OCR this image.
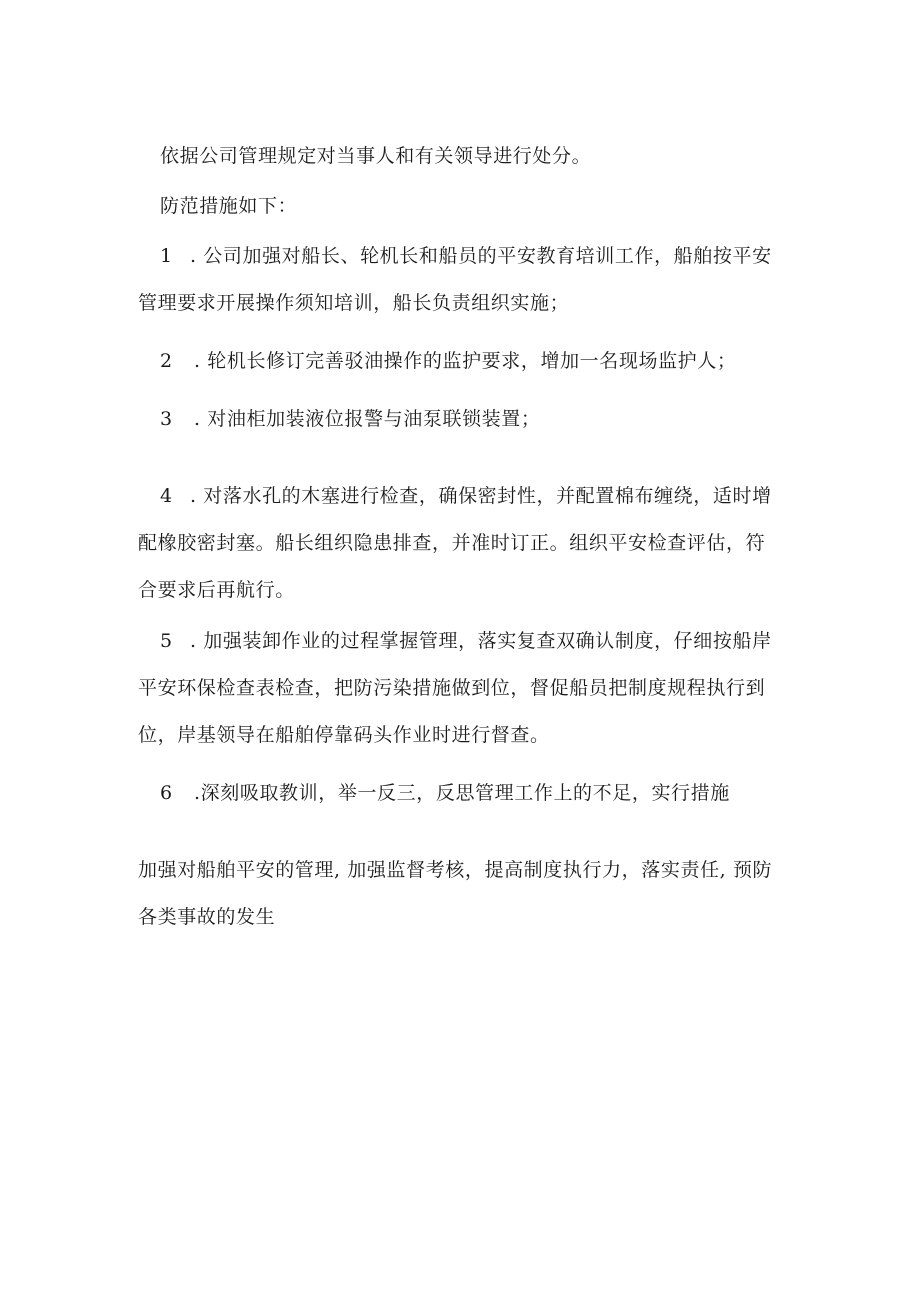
依据公司管理规定对当事人和有关领导进行处分。
防范措施如下：
1 . 公司加强对船长、轮机长和船员的平安教育培训工作，船舶按平安
管理要求开展操作须知培训，船长负责组织实施；
2 . 轮机长修订完善驳油操作的监护要求，增加一名现场监护人；
3 . 对油柜加装液位报警与油泵联锁装置；
4 . 对落水孔的木塞进行检查，确保密封性，并配置棉布缠绕，适时增
配橡胶密封塞。船长组织隐患排查，并准时订正。组织平安检查评估，符
合要求后再航行。
5 . 加强装卸作业的过程掌握管理，落实复查双确认制度，仔细按船岸
平安环保检查表检查，把防污染措施做到位，督促船员把制度规程执行到
位，岸基领导在船舶停靠码头作业时进行督查。
6 .深刻吸取教训，举一反三，反思管理工作上的不足，实行措施
加强对船舶平安的管理, 加强监督考核，提高制度执行力，落实责任, 预防
各类事故的发生
